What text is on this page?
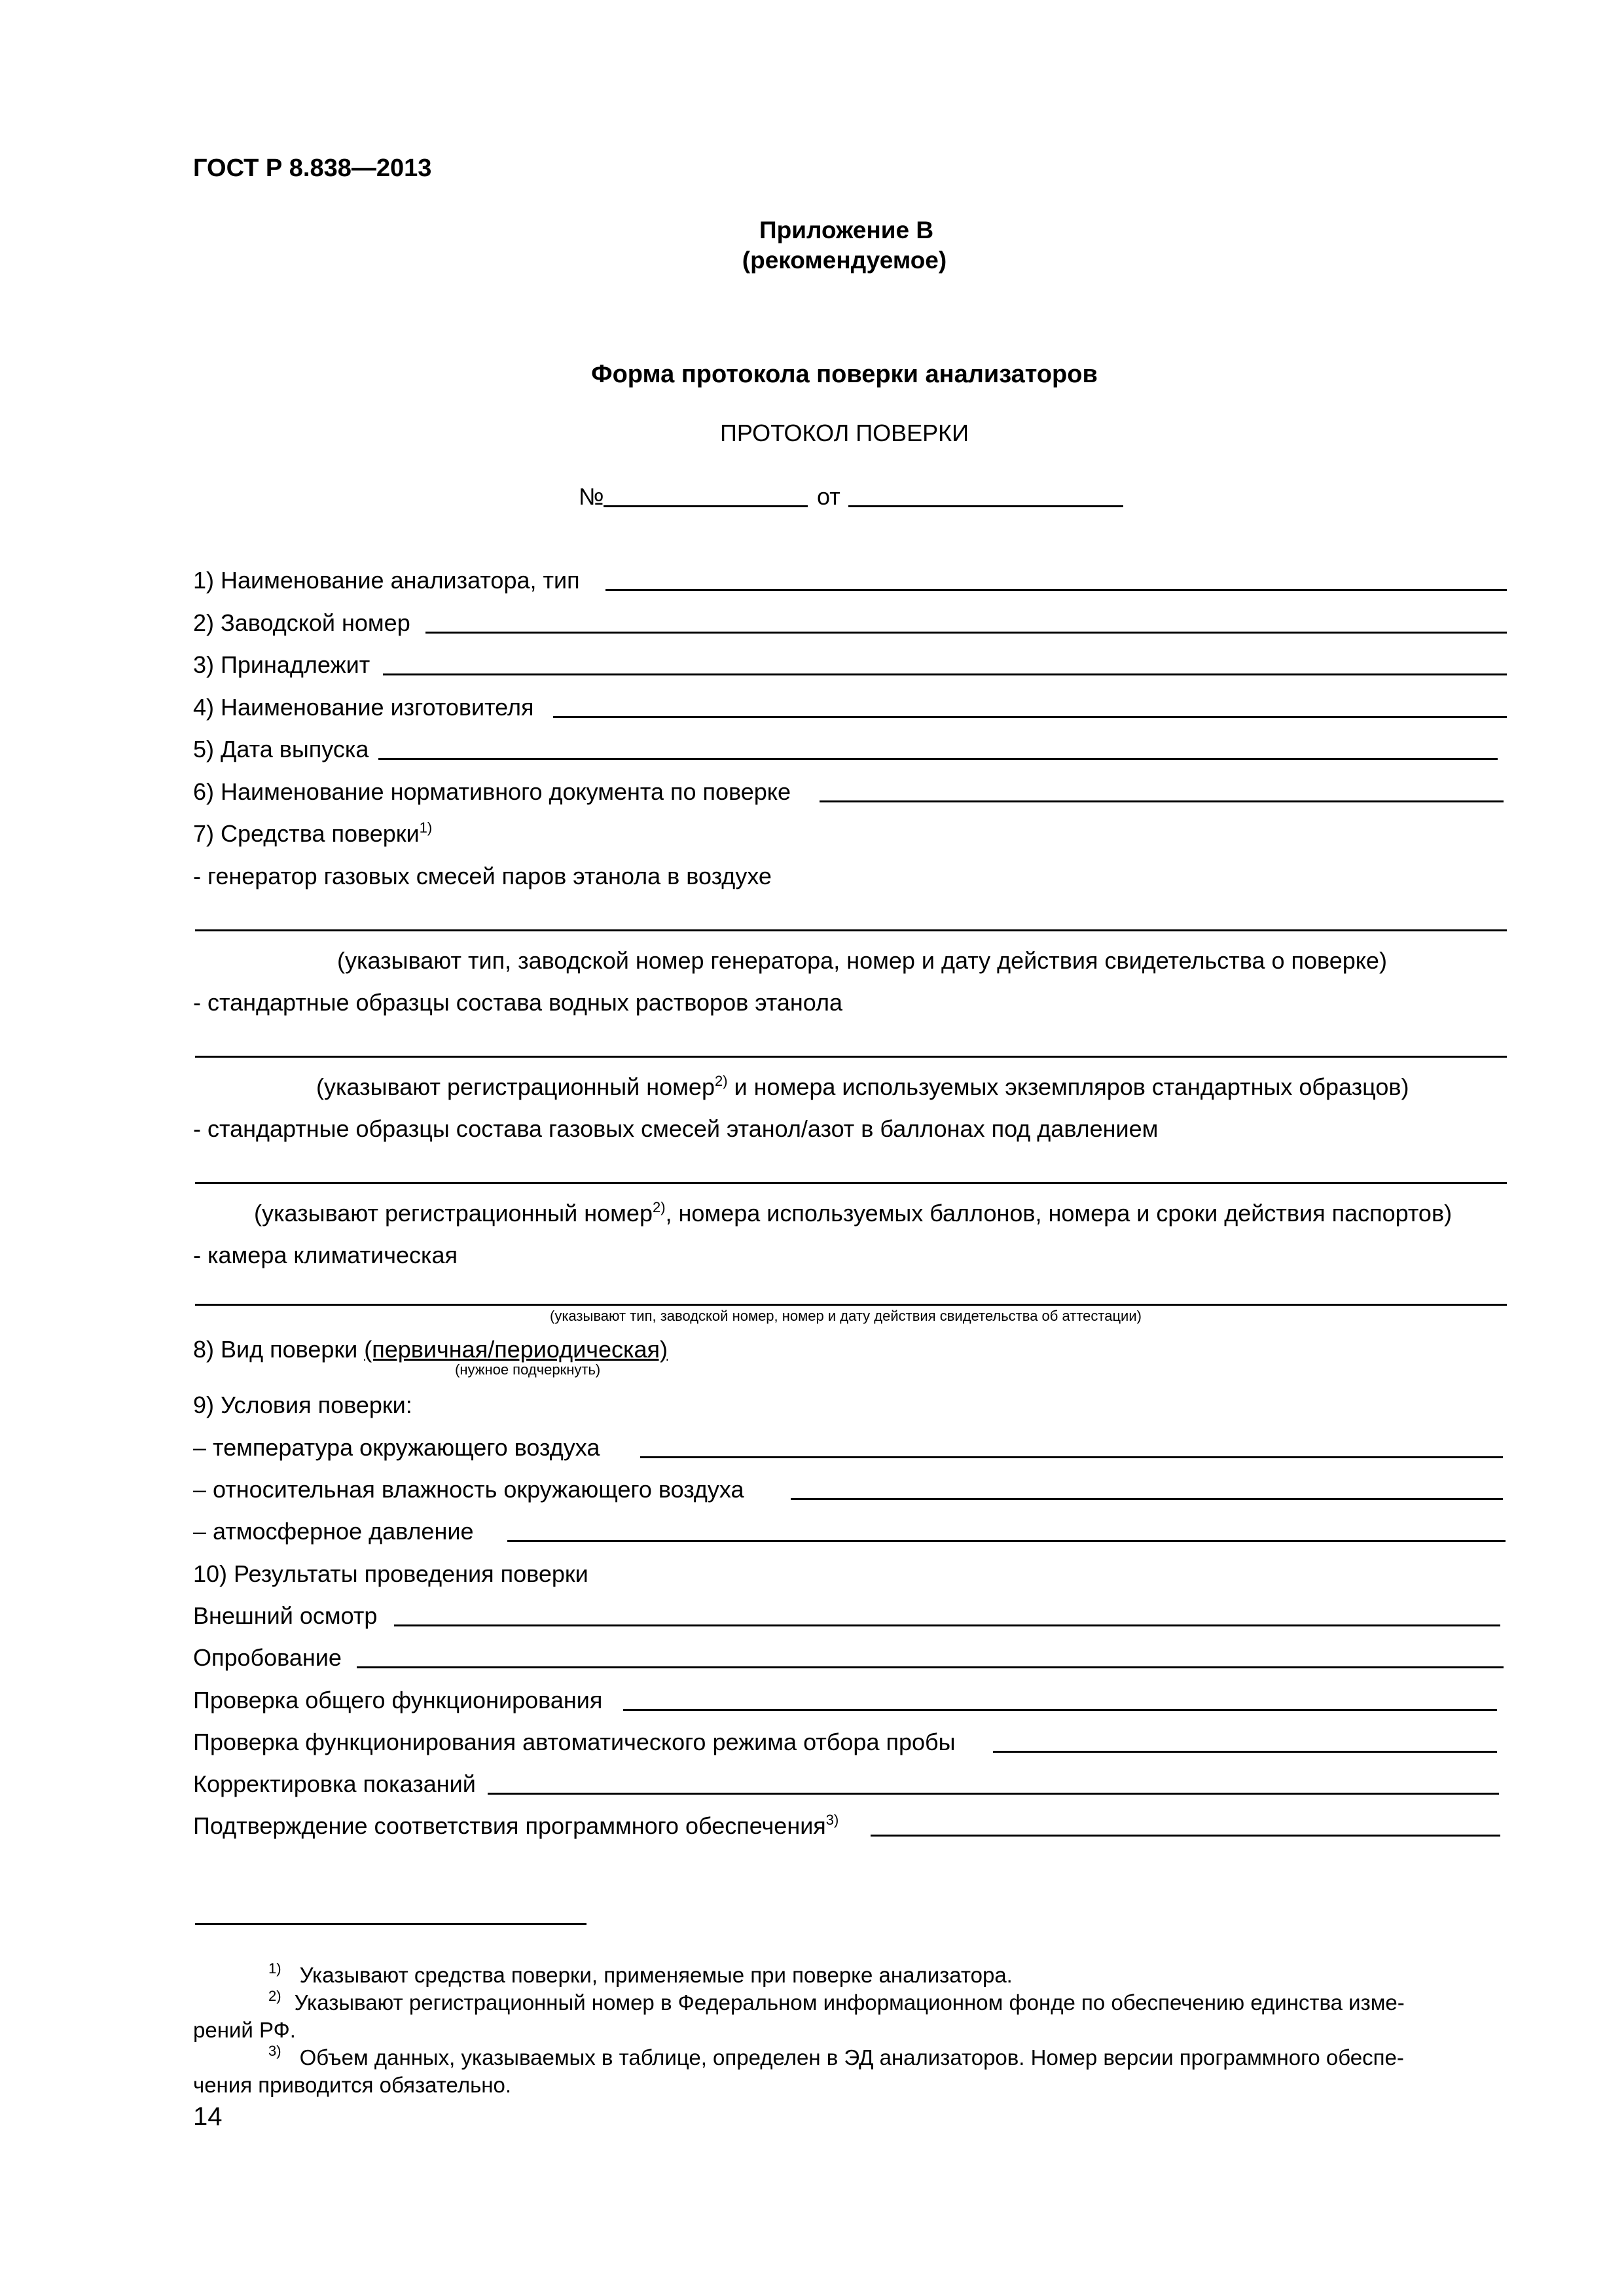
ГОСТ Р 8.838—2013
Приложение В
(рекомендуемое)
Форма протокола поверки анализаторов
ПРОТОКОЛ ПОВЕРКИ
№	от
1) Наименование анализатора, тип
2) Заводской номер
3) Принадлежит
4) Наименование изготовителя
5) Дата выпуска
6) Наименование нормативного документа по поверке
7) Средства поверки$^{1)}$
- генератор газовых смесей паров этанола в воздухе
(указывают тип, заводской номер генератора, номер и дату действия свидетельства о поверке)
- стандартные образцы состава водных растворов этанола
(указывают регистрационный номер$^{2)}$ и номера используемых экземпляров стандартных образцов)
- стандартные образцы состава газовых смесей этанол/азот в баллонах под давлением
(указывают регистрационный номер$^{2)}$, номера используемых баллонов, номера и сроки действия паспортов)
- камера климатическая
(указывают тип, заводской номер, номер и дату действия свидетельства об аттестации)
8) Вид поверки (первичная/периодическая)
(нужное подчеркнуть)
9) Условия поверки:
– температура окружающего воздуха
– относительная влажность окружающего воздуха
– атмосферное давление
10) Результаты проведения поверки
Внешний осмотр
Опробование
Проверка общего функционирования
Проверка функционирования автоматического режима отбора пробы
Корректировка показаний
Подтверждение соответствия программного обеспечения$^{3)}$
$^{1)}$ Указывают средства поверки, применяемые при поверке анализатора.
$^{2)}$ Указывают регистрационный номер в Федеральном информационном фонде по обеспечению единства изме-
рений РФ.
$^{3)}$ Объем данных, указываемых в таблице, определен в ЭД анализаторов. Номер версии программного обеспе-
чения приводится обязательно.
14
